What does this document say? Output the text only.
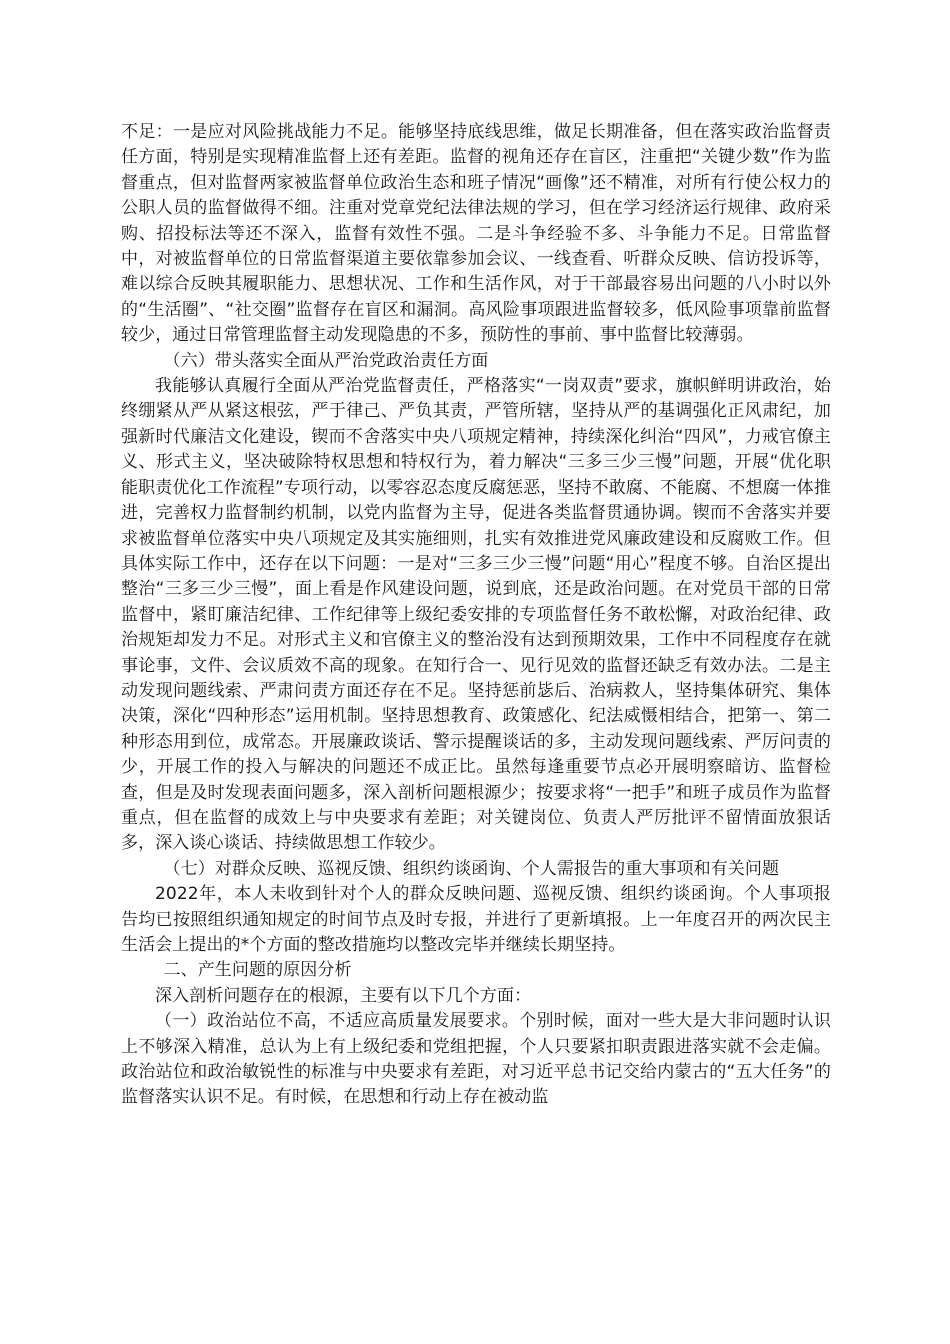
不足：一是应对风险挑战能力不足。能够坚持底线思维，做足长期准备，但在落实政治监督责任方面，特别是实现精准监督上还有差距。监督的视角还存在盲区，注重把“关键少数”作为监督重点，但对监督两家被监督单位政治生态和班子情况“画像”还不精准，对所有行使公权力的公职人员的监督做得不细。注重对党章党纪法律法规的学习，但在学习经济运行规律、政府采购、招投标法等还不深入，监督有效性不强。二是斗争经验不多、斗争能力不足。日常监督中，对被监督单位的日常监督渠道主要依靠参加会议、一线查看、听群众反映、信访投诉等，难以综合反映其履职能力、思想状况、工作和生活作风，对于干部最容易出问题的八小时以外的“生活圈”、“社交圈”监督存在盲区和漏洞。高风险事项跟进监督较多，低风险事项靠前监督较少，通过日常管理监督主动发现隐患的不多，预防性的事前、事中监督比较薄弱。

（六）带头落实全面从严治党政治责任方面

我能够认真履行全面从严治党监督责任，严格落实“一岗双责”要求，旗帜鲜明讲政治，始终绷紧从严从紧这根弦，严于律己、严负其责，严管所辖，坚持从严的基调强化正风肃纪，加强新时代廉洁文化建设，锲而不舍落实中央八项规定精神，持续深化纠治“四风”，力戒官僚主义、形式主义，坚决破除特权思想和特权行为，着力解决“三多三少三慢”问题，开展“优化职能职责优化工作流程”专项行动，以零容忍态度反腐惩恶，坚持不敢腐、不能腐、不想腐一体推进，完善权力监督制约机制，以党内监督为主导，促进各类监督贯通协调。锲而不舍落实并要求被监督单位落实中央八项规定及其实施细则，扎实有效推进党风廉政建设和反腐败工作。但具体实际工作中，还存在以下问题：一是对“三多三少三慢”问题“用心”程度不够。自治区提出整治“三多三少三慢”，面上看是作风建设问题，说到底，还是政治问题。在对党员干部的日常监督中，紧盯廉洁纪律、工作纪律等上级纪委安排的专项监督任务不敢松懈，对政治纪律、政治规矩却发力不足。对形式主义和官僚主义的整治没有达到预期效果，工作中不同程度存在就事论事，文件、会议质效不高的现象。在知行合一、见行见效的监督还缺乏有效办法。二是主动发现问题线索、严肃问责方面还存在不足。坚持惩前毖后、治病救人，坚持集体研究、集体决策，深化“四种形态”运用机制。坚持思想教育、政策感化、纪法威慑相结合，把第一、第二种形态用到位，成常态。开展廉政谈话、警示提醒谈话的多，主动发现问题线索、严厉问责的少，开展工作的投入与解决的问题还不成正比。虽然每逢重要节点必开展明察暗访、监督检查，但是及时发现表面问题多，深入剖析问题根源少；按要求将“一把手”和班子成员作为监督重点，但在监督的成效上与中央要求有差距；对关键岗位、负责人严厉批评不留情面放狠话多，深入谈心谈话、持续做思想工作较少。

（七）对群众反映、巡视反馈、组织约谈函询、个人需报告的重大事项和有关问题

2022年，本人未收到针对个人的群众反映问题、巡视反馈、组织约谈函询。个人事项报告均已按照组织通知规定的时间节点及时专报，并进行了更新填报。上一年度召开的两次民主生活会上提出的*个方面的整改措施均以整改完毕并继续长期坚持。

二、产生问题的原因分析

深入剖析问题存在的根源，主要有以下几个方面：

（一）政治站位不高，不适应高质量发展要求。个别时候，面对一些大是大非问题时认识上不够深入精准，总认为上有上级纪委和党组把握，个人只要紧扣职责跟进落实就不会走偏。政治站位和政治敏锐性的标准与中央要求有差距，对习近平总书记交给内蒙古的“五大任务”的监督落实认识不足。有时候，在思想和行动上存在被动监
